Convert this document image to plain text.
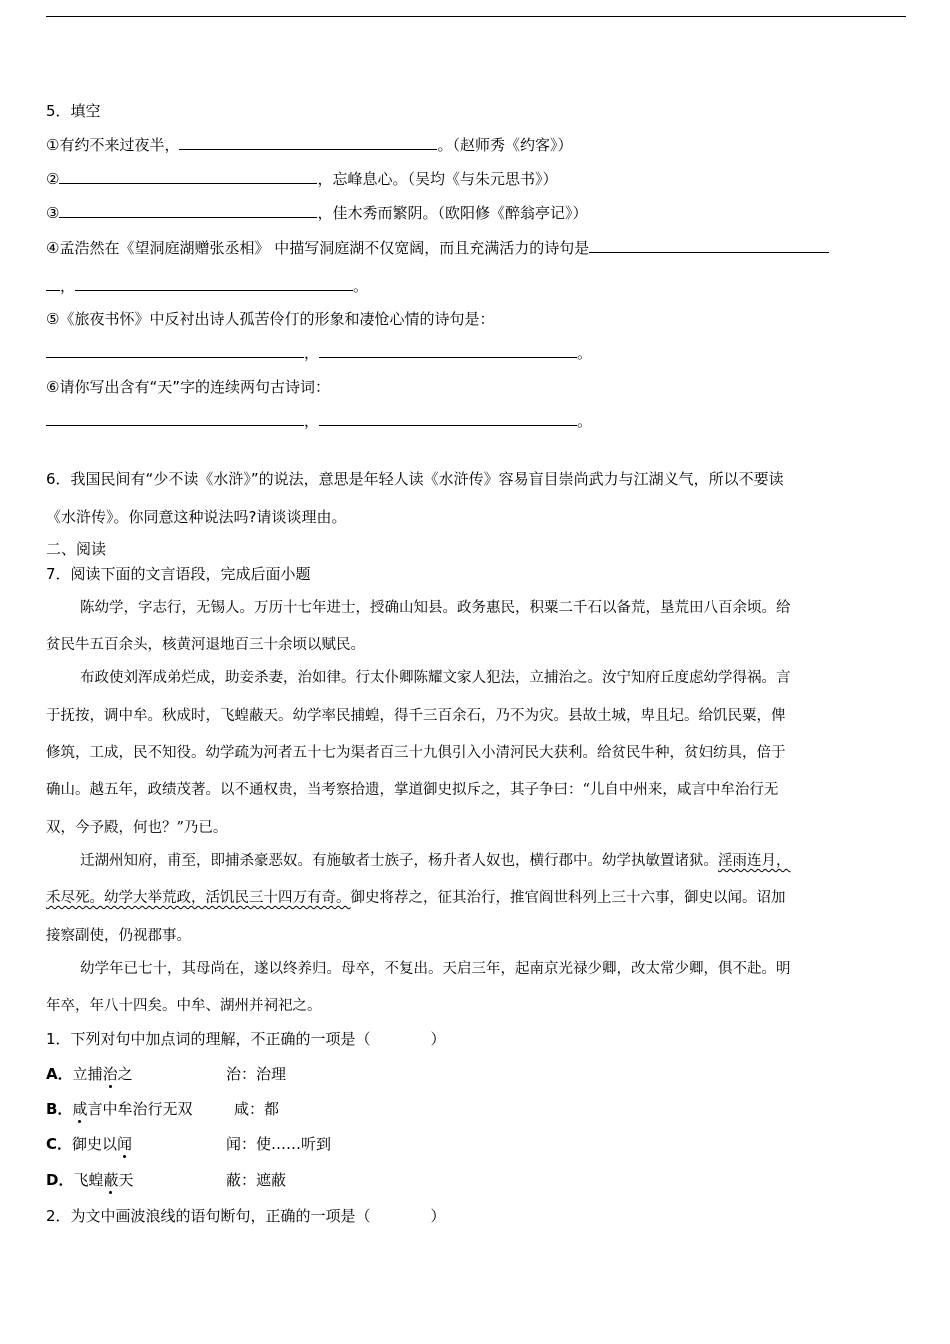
5．填空
①有约不来过夜半，	。（赵师秀《约客》）
②	，忘峰息心。（吴均《与朱元思书》）
③	，佳木秀而繁阴。（欧阳修《醉翁亭记》）
④孟浩然在《望洞庭湖赠张丞相》 中描写洞庭湖不仅宽阔，而且充满活力的诗句是
，	。
⑤《旅夜书怀》中反衬出诗人孤苦伶仃的形象和凄怆心情的诗句是：
，	。
⑥请你写出含有“天”字的连续两句古诗词：
，	。
6．我国民间有“少不读《水浒》”的说法，意思是年轻人读《水浒传》容易盲目崇尚武力与江湖义气，所以不要读
《水浒传》。你同意这种说法吗?请谈谈理由。
二、阅读
7．阅读下面的文言语段，完成后面小题
陈幼学，字志行，无锡人。万历十七年进士，授确山知县。政务惠民，积粟二千石以备荒，垦荒田八百余顷。给
贫民牛五百余头，核黄河退地百三十余顷以赋民。
布政使刘浑成弟烂成，助妾杀妻，治如律。行太仆卿陈耀文家人犯法，立捕治之。汝宁知府丘度虑幼学得祸。言
于抚按，调中牟。秋成时，飞蝗蔽天。幼学率民捕蝗，得千三百余石，乃不为灾。县故土城，卑且圮。给饥民粟，俾
修筑，工成，民不知役。幼学疏为河者五十七为渠者百三十九俱引入小清河民大获利。给贫民牛种，贫妇纺具，倍于
确山。越五年，政绩茂著。以不通权贵，当考察拾遗，掌道御史拟斥之，其子争曰：“儿自中州来，咸言中牟治行无
双，今予殿，何也？”乃已。
迁湖州知府，甫至，即捕杀豪恶奴。有施敏者士族子，杨升者人奴也，横行郡中。幼学执敏置诸狱。淫雨连月，
禾尽死。幼学大举荒政，活饥民三十四万有奇。御史将荐之，征其治行，推官阎世科列上三十六事，御史以闻。诏加
接察副使，仍视郡事。
幼学年已七十，其母尚在，遂以终养归。母卒，不复出。天启三年，起南京光禄少卿，改太常少卿，俱不赴。明
年卒，年八十四矣。中牟、湖州并祠祀之。
1．下列对句中加点词的理解，不正确的一项是（　　　　）
A．立捕治之	治：治理
B．咸言中牟治行无双	咸：都
C．御史以闻	闻：使……听到
D．飞蝗蔽天	蔽：遮蔽
2．为文中画波浪线的语句断句，正确的一项是（　　　　）
